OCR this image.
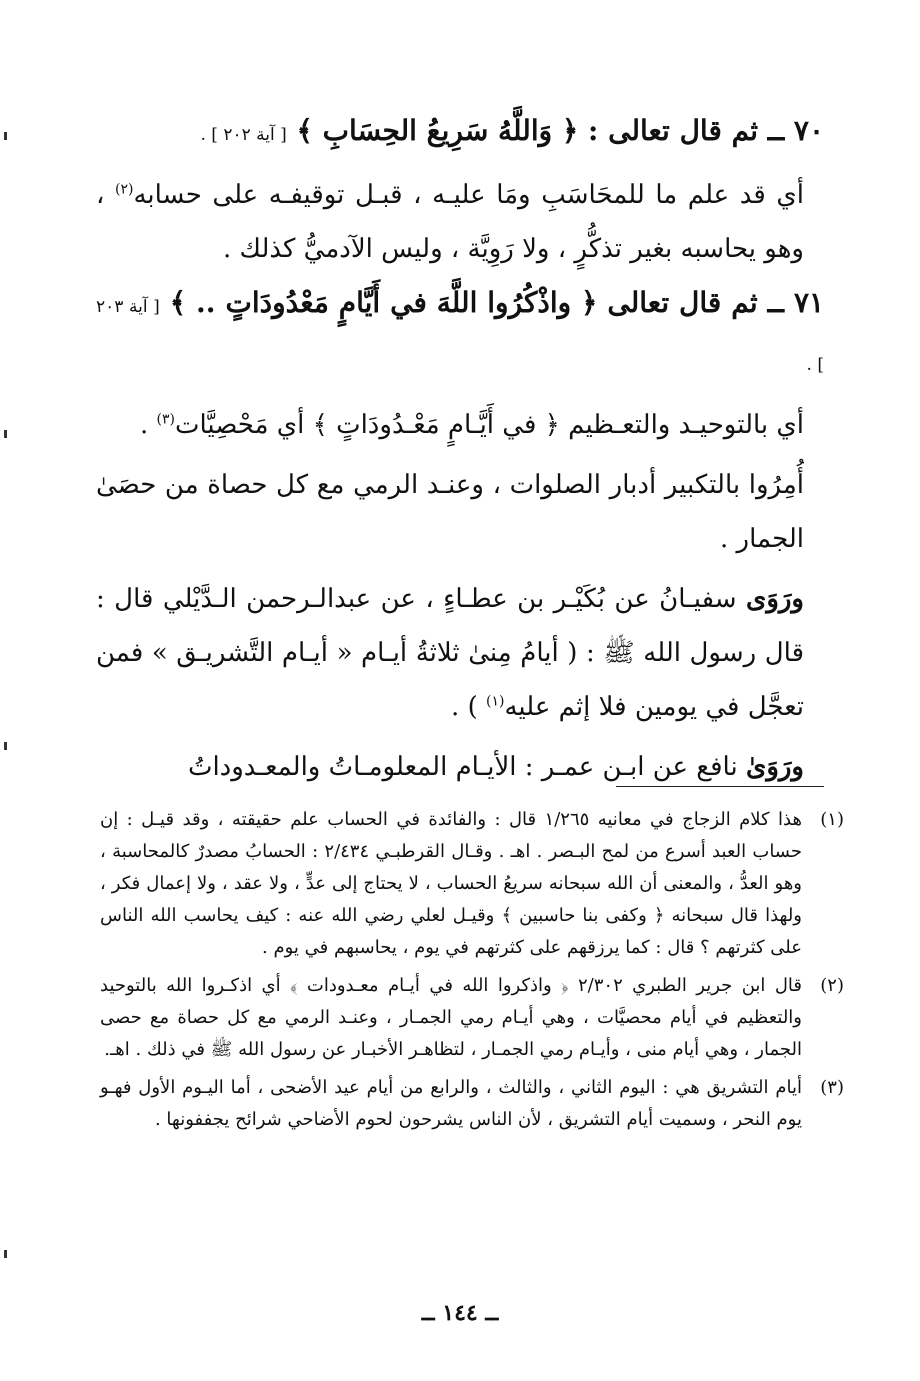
٧٠ ــ ثم قال تعالى : ﴿ وَاللَّهُ سَرِيعُ الحِسَابِ ﴾ [ آية ٢٠٢ ] .

أي قد علم ما للمحَاسَبِ ومَا عليـه ، قبـل توقيفـه على حسابه$^{(٢)}$ ، وهو يحاسبه بغير تذكُّرٍ ، ولا رَوِيَّة ، وليس الآدميُّ كذلك .

٧١ ــ ثم قال تعالى ﴿ واذْكُرُوا اللَّهَ في أَيَّامٍ مَعْدُودَاتٍ .. ﴾ [ آية ٢٠٣ ] .

أي بالتوحيـد والتعـظيم ﴿ في أَيَّـامٍ مَعْـدُودَاتٍ ﴾ أي مَحْصِيَّات$^{(٣)}$ .

أُمِرُوا بالتكبير أدبار الصلوات ، وعنـد الرمي مع كل حصاة من حصَىٰ الجمار .

ورَوَى سفيـانُ عن بُكَيْـر بن عطـاءٍ ، عن عبدالـرحمن الـدَّيْلي قال : قال رسول الله ﷺ : ( أيامُ مِنىٰ ثلاثةُ أيـام « أيـام التَّشريـق » فمن تعجَّل في يومين فلا إثم عليه$^{(١)}$ ) .

ورَوَىٰ نافع عن ابـن عمـر : الأيـام المعلومـاتُ والمعـدوداتُ

(١)
هذا كلام الزجاج في معانيه ١/٢٦٥ قال : والفائدة في الحساب علم حقيقته ، وقد قيـل : إن حساب العبد أسرع من لمح البـصر . اهـ . وقـال القرطبـي ٢/٤٣٤ : الحسابُ مصدرٌ كالمحاسبة ، وهو العدُّ ، والمعنى أن الله سبحانه سريعُ الحساب ، لا يحتاج إلى عدٍّ ، ولا عقد ، ولا إعمال فكر ، ولهذا قال سبحانه ﴿ وكفى بنا حاسبين ﴾ وقيـل لعلي رضي الله عنه : كيف يحاسب الله الناس على كثرتهم ؟ قال : كما يرزقهم على كثرتهم في يوم ، يحاسبهم في يوم .
(٢)
قال ابن جرير الطبري ٢/٣٠٢ ﴿ واذكروا الله في أيـام معـدودات ﴾ أي اذكـروا الله بالتوحيد والتعظيم في أيام محصيَّات ، وهي أيـام رمي الجمـار ، وعنـد الرمي مع كل حصاة مع حصى الجمار ، وهي أيام منى ، وأيـام رمي الجمـار ، لتظاهـر الأخبـار عن رسول الله ﷺ في ذلك . اهـ.
(٣)
أيام التشريق هي : اليوم الثاني ، والثالث ، والرابع من أيام عيد الأضحى ، أما اليـوم الأول فهـو يوم النحر ، وسميت أيام التشريق ، لأن الناس يشرحون لحوم الأضاحي شرائح يجففونها .
ــ ١٤٤ ــ
